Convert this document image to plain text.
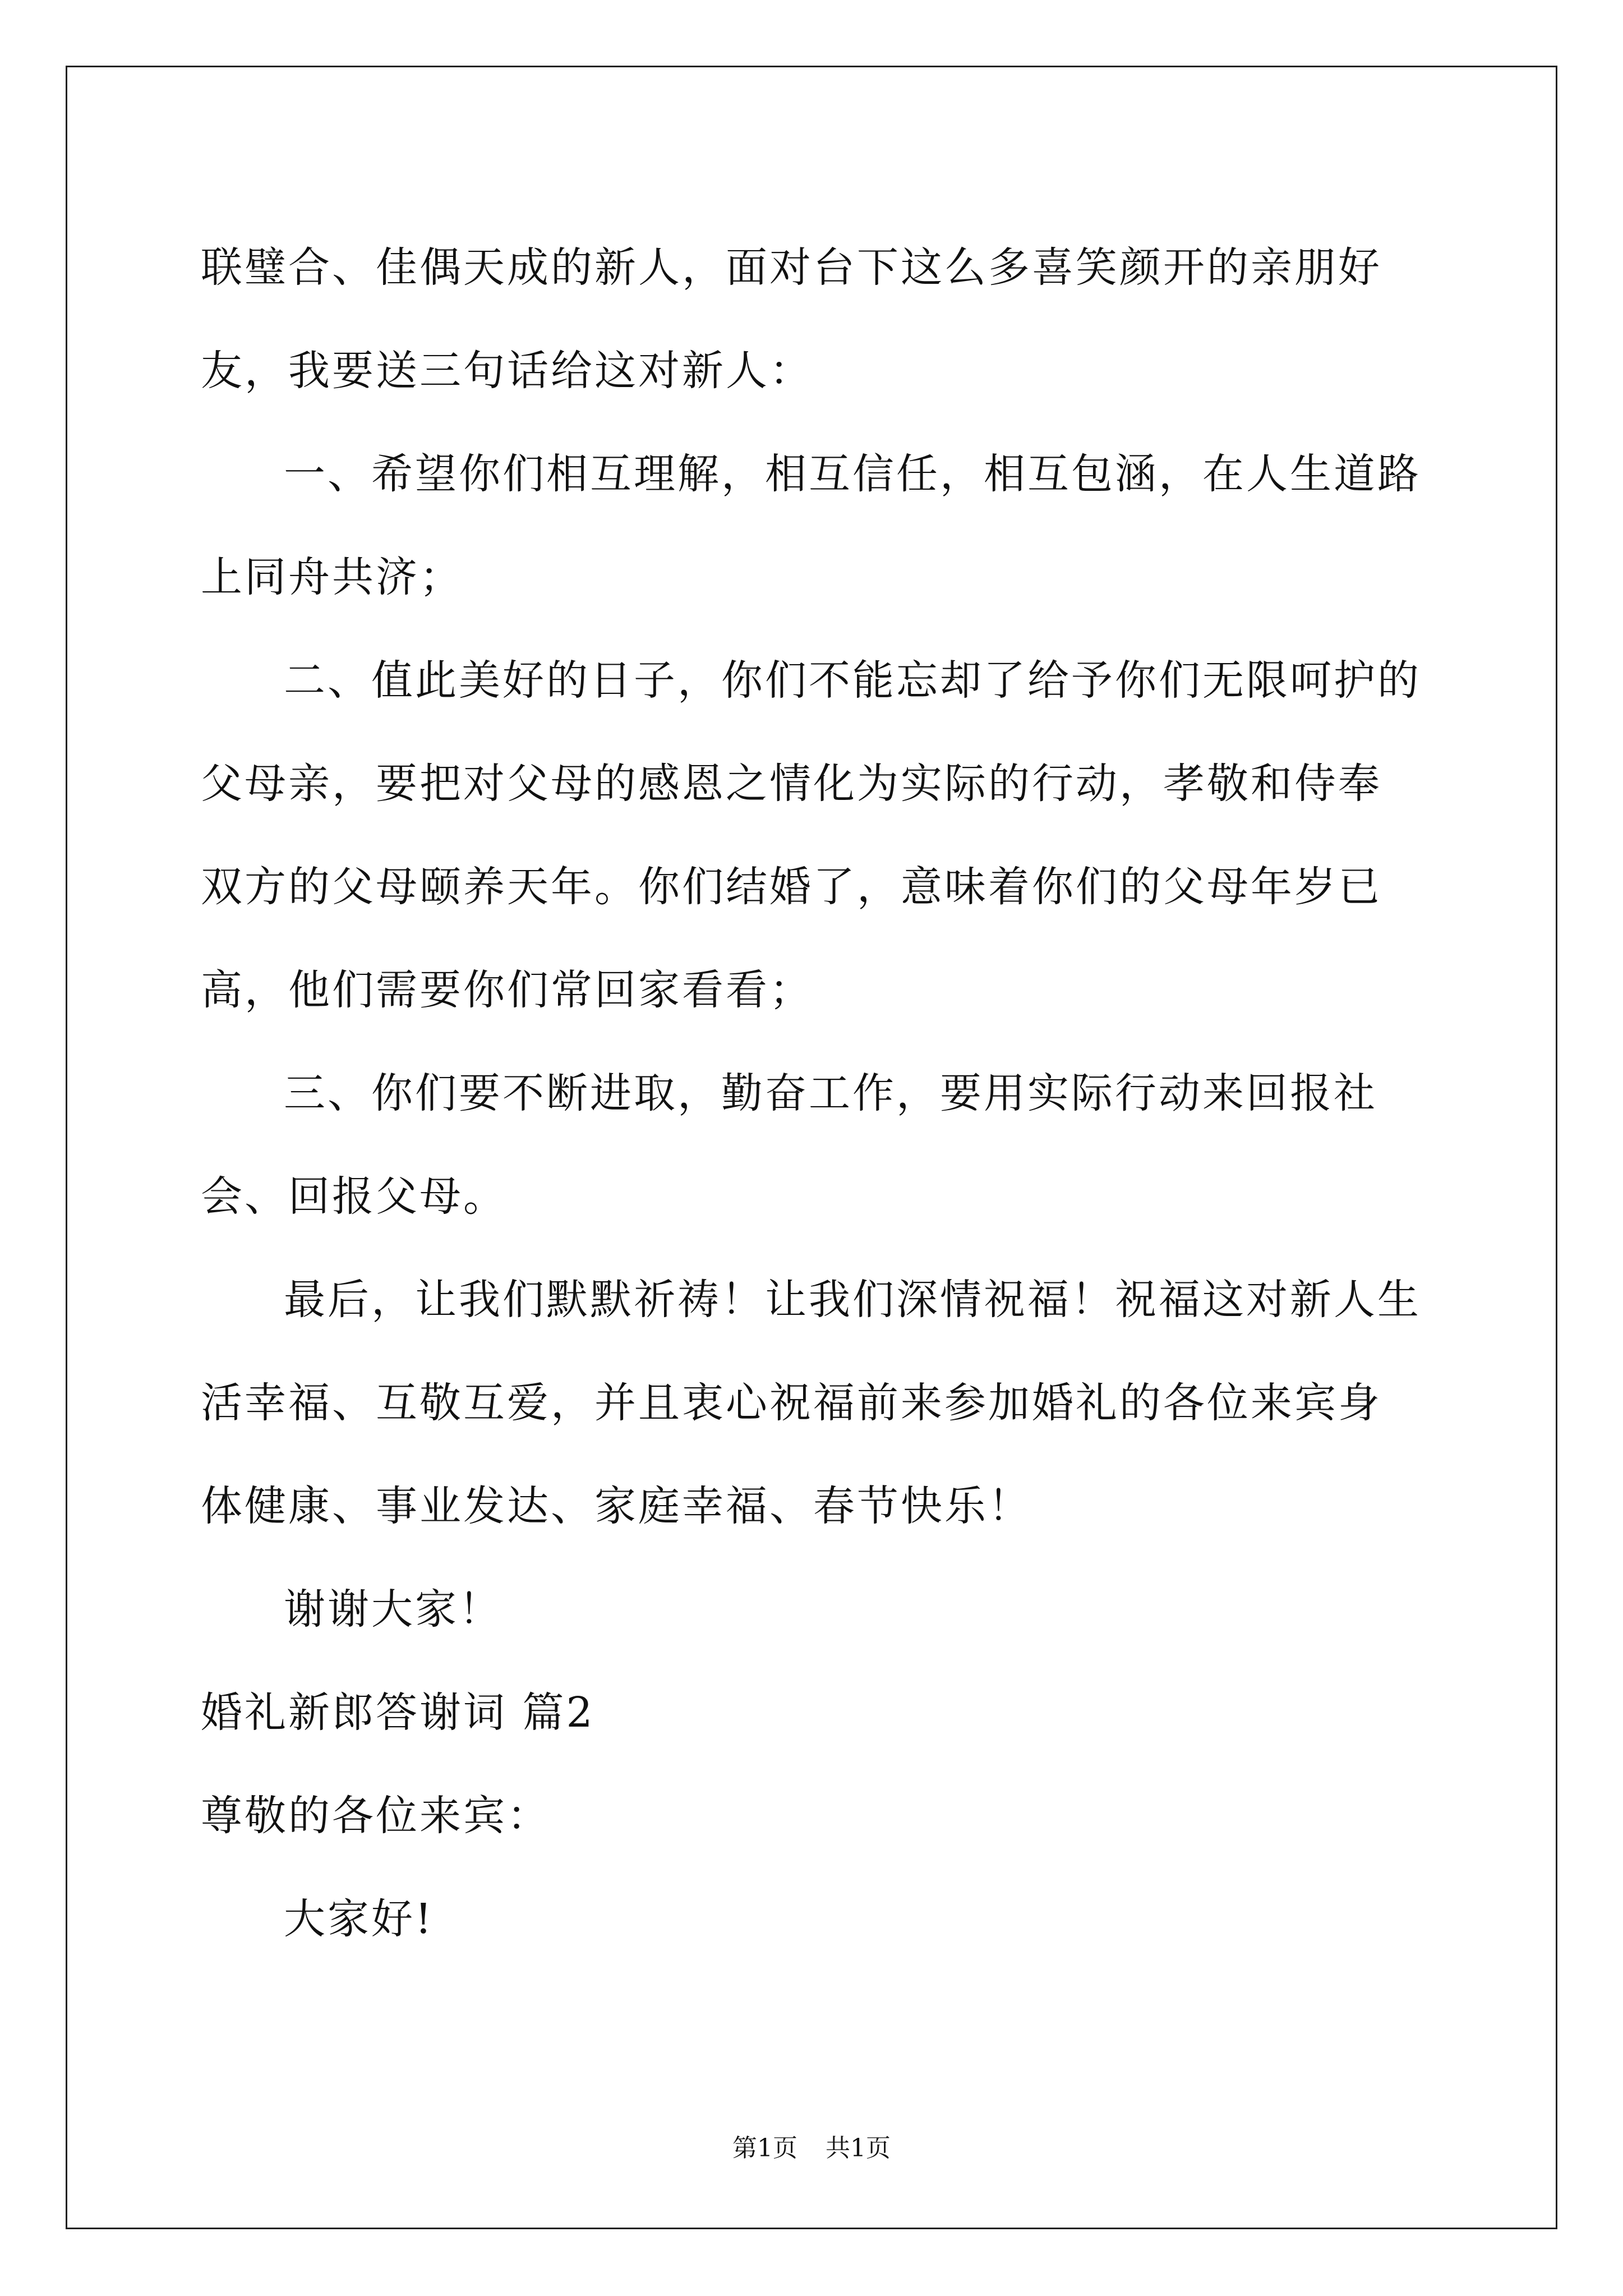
联璧合、佳偶天成的新人，面对台下这么多喜笑颜开的亲朋好友，我要送三句话给这对新人：

一、希望你们相互理解，相互信任，相互包涵，在人生道路上同舟共济；

二、值此美好的日子，你们不能忘却了给予你们无限呵护的父母亲，要把对父母的感恩之情化为实际的行动，孝敬和侍奉双方的父母颐养天年。你们结婚了，意味着你们的父母年岁已高，他们需要你们常回家看看；

三、你们要不断进取，勤奋工作，要用实际行动来回报社会、回报父母。

最后，让我们默默祈祷！让我们深情祝福！祝福这对新人生活幸福、互敬互爱，并且衷心祝福前来参加婚礼的各位来宾身体健康、事业发达、家庭幸福、春节快乐！

谢谢大家！

婚礼新郎答谢词 篇2

尊敬的各位来宾：

大家好!

第1页 共1页
